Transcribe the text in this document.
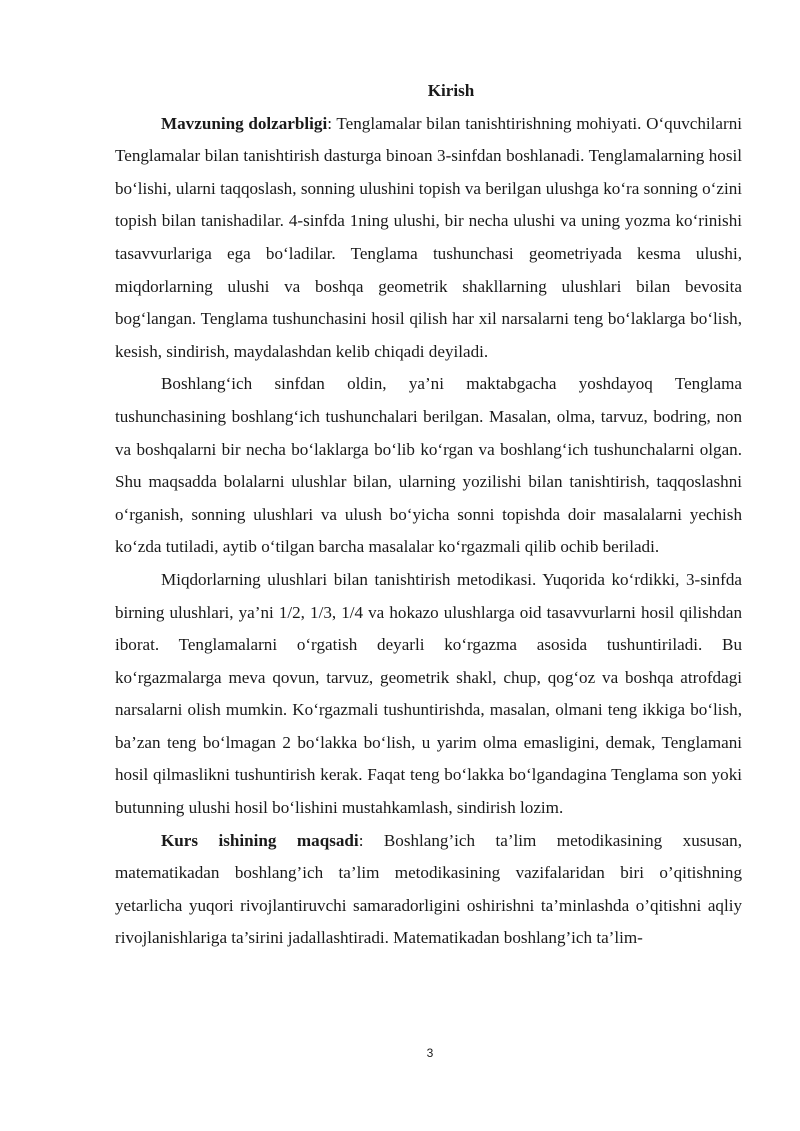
Kirish

Mavzuning dolzarbligi: Tenglamalar bilan tanishtirishning mohiyati. O‘quvchilarni Tenglamalar bilan tanishtirish dasturga binoan 3-sinfdan boshlanadi. Tenglamalarning hosil bo‘lishi, ularni taqqoslash, sonning ulushini topish va berilgan ulushga ko‘ra sonning o‘zini topish bilan tanishadilar. 4-sinfda 1ning ulushi, bir necha ulushi va uning yozma ko‘rinishi tasavvurlariga ega bo‘ladilar. Tenglama tushunchasi geometriyada kesma ulushi, miqdorlarning ulushi va boshqa geometrik shakllarning ulushlari bilan bevosita bog‘langan. Tenglama tushunchasini hosil qilish har xil narsalarni teng bo‘laklarga bo‘lish, kesish, sindirish, maydalashdan kelib chiqadi deyiladi.

Boshlang‘ich sinfdan oldin, ya’ni maktabgacha yoshdayoq Tenglama tushunchasining boshlang‘ich tushunchalari berilgan. Masalan, olma, tarvuz, bodring, non va boshqalarni bir necha bo‘laklarga bo‘lib ko‘rgan va boshlang‘ich tushunchalarni olgan. Shu maqsadda bolalarni ulushlar bilan, ularning yozilishi bilan tanishtirish, taqqoslashni o‘rganish, sonning ulushlari va ulush bo‘yicha sonni topishda doir masalalarni yechish ko‘zda tutiladi, aytib o‘tilgan barcha masalalar ko‘rgazmali qilib ochib beriladi.

Miqdorlarning ulushlari bilan tanishtirish metodikasi. Yuqorida ko‘rdikki, 3-sinfda birning ulushlari, ya’ni 1/2, 1/3, 1/4 va hokazo ulushlarga oid tasavvurlarni hosil qilishdan iborat. Tenglamalarni o‘rgatish deyarli ko‘rgazma asosida tushuntiriladi. Bu ko‘rgazmalarga meva qovun, tarvuz, geometrik shakl, chup, qog‘oz va boshqa atrofdagi narsalarni olish mumkin. Ko‘rgazmali tushuntirishda, masalan, olmani teng ikkiga bo‘lish, ba’zan teng bo‘lmagan 2 bo‘lakka bo‘lish, u yarim olma emasligini, demak, Tenglamani hosil qilmaslikni tushuntirish kerak. Faqat teng bo‘lakka bo‘lgandagina Tenglama son yoki butunning ulushi hosil bo‘lishini mustahkamlash, sindirish lozim.

Kurs ishining maqsadi: Boshlang’ich ta’lim metodikasining xususan, matematikadan boshlang’ich ta’lim metodikasining vazifalaridan biri o’qitishning yetarlicha yuqori rivojlantiruvchi samaradorligini oshirishni ta’minlashda o’qitishni aqliy rivojlanishlariga ta’sirini jadallashtiradi. Matematikadan boshlang’ich ta’lim-

3
